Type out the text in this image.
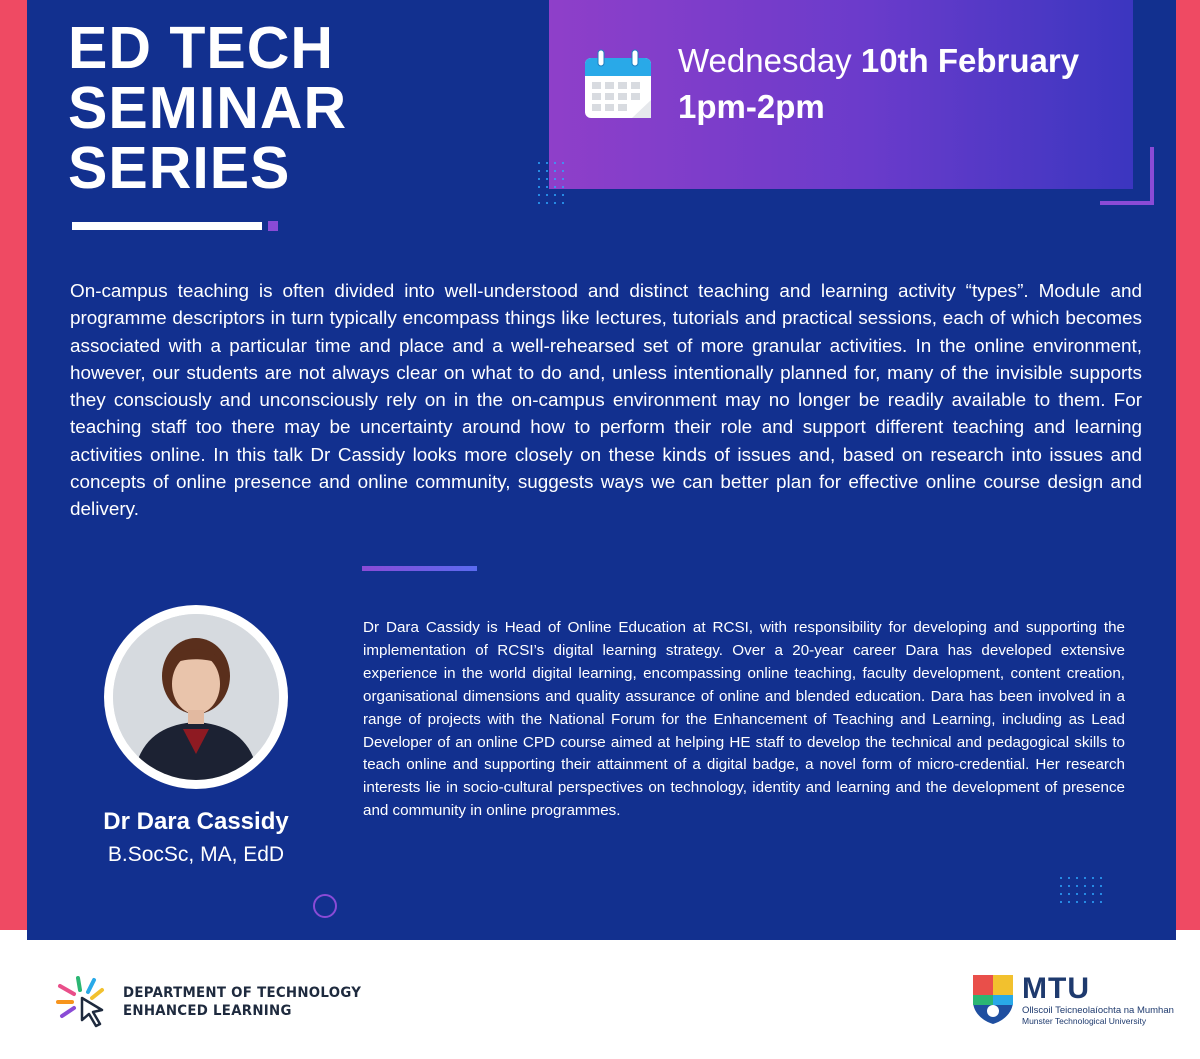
ED TECH
SEMINAR
SERIES
Wednesday 10th February
1pm-2pm

On-campus teaching is often divided into well-understood and distinct teaching and learning activity “types”. Module and programme descriptors in turn typically encompass things like lectures, tutorials and practical sessions, each of which becomes associated with a particular time and place and a well-rehearsed set of more granular activities. In the online environment, however, our students are not always clear on what to do and, unless intentionally planned for, many of the invisible supports they consciously and unconsciously rely on in the on-campus environment may no longer be readily available to them. For teaching staff too there may be uncertainty around how to perform their role and support different teaching and learning activities online. In this talk Dr Cassidy looks more closely on these kinds of issues and, based on research into issues and concepts of online presence and online community, suggests ways we can better plan for effective online course design and delivery.

Dr Dara Cassidy
B.SocSc, MA, EdD

Dr Dara Cassidy is Head of Online Education at RCSI, with responsibility for developing and supporting the implementation of RCSI’s digital learning strategy. Over a 20-year career Dara has developed extensive experience in the world digital learning, encompassing online teaching, faculty development, content creation, organisational dimensions and quality assurance of online and blended education. Dara has been involved in a range of projects with the National Forum for the Enhancement of Teaching and Learning, including as Lead Developer of an online CPD course aimed at helping HE staff to develop the technical and pedagogical skills to teach online and supporting their attainment of a digital badge, a novel form of micro-credential. Her research interests lie in socio-cultural perspectives on technology, identity and learning and the development of presence and community in online programmes.

DEPARTMENT OF TECHNOLOGY
ENHANCED LEARNING
MTU
Ollscoil Teicneolaíochta na Mumhan
Munster Technological University
